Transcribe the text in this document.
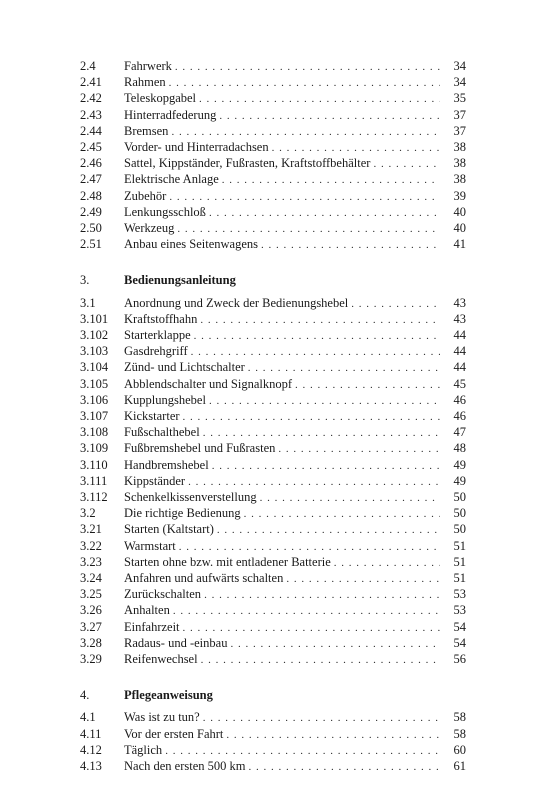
2.4 Fahrwerk . . .	34
2.41 Rahmen . . .	34
2.42 Teleskopgabel . . .	35
2.43 Hinterradfederung . . .	37
2.44 Bremsen . . .	37
2.45 Vorder- und Hinterradachsen . . .	38
2.46 Sattel, Kippständer, Fußrasten, Kraftstoffbehälter . . .	38
2.47 Elektrische Anlage . . .	38
2.48 Zubehör . . .	39
2.49 Lenkungsschloß . . .	40
2.50 Werkzeug . . .	40
2.51 Anbau eines Seitenwagens . . .	41
3.	Bedienungsanleitung
3.1 Anordnung und Zweck der Bedienungshebel . . .	43
3.101 Kraftstoffhahn . . .	43
3.102 Starterklappe . . .	44
3.103 Gasdrehgriff . . .	44
3.104 Zünd- und Lichtschalter . . .	44
3.105 Abblendschalter und Signalknopf . . .	45
3.106 Kupplungshebel . . .	46
3.107 Kickstarter . . .	46
3.108 Fußschalthebel . . .	47
3.109 Fußbremshebel und Fußrasten . . .	48
3.110 Handbremshebel . . .	49
3.111 Kippständer . . .	49
3.112 Schenkelkissenverstellung . . .	50
3.2 Die richtige Bedienung . . .	50
3.21 Starten (Kaltstart) . . .	50
3.22 Warmstart . . .	51
3.23 Starten ohne bzw. mit entladener Batterie . . .	51
3.24 Anfahren und aufwärts schalten . . .	51
3.25 Zurückschalten . . .	53
3.26 Anhalten . . .	53
3.27 Einfahrzeit . . .	54
3.28 Radaus- und -einbau . . .	54
3.29 Reifenwechsel . . .	56
4.	Pflegeanweisung
4.1 Was ist zu tun? . . .	58
4.11 Vor der ersten Fahrt . . .	58
4.12 Täglich . . .	60
4.13 Nach den ersten 500 km . . .	61
